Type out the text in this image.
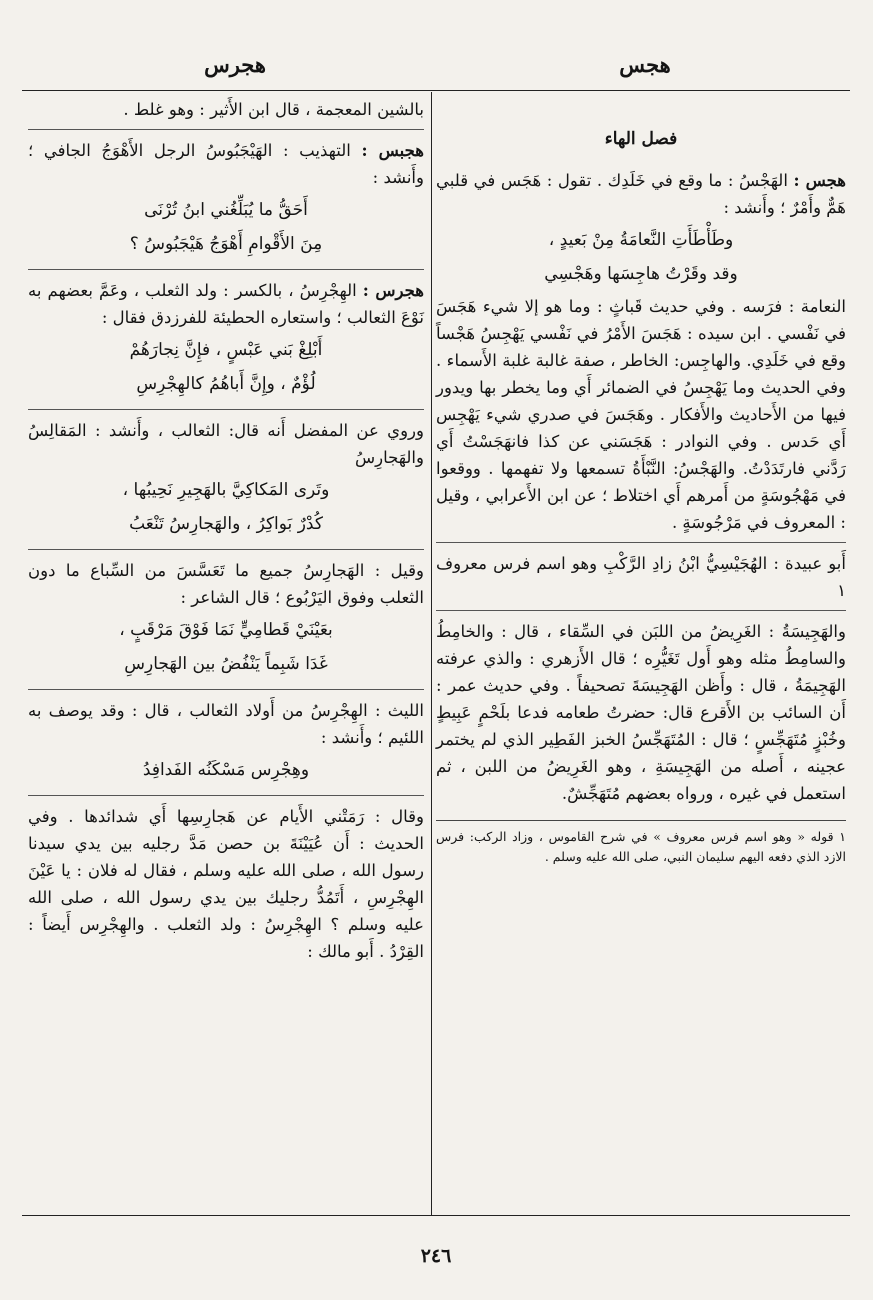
هجس
هجرس
فصل الهاء

هجس : الهَجْسُ : ما وقع في خَلَدِك . تقول : هَجَس في قلبي هَمٌّ وأَمْرٌ ؛ وأَنشد :

وطَأْطَأَتِ النَّعامَةُ مِنْ بَعيدٍ ،
وقد وقَرْتُ هاجِسَها وهَجْسِي

النعامة : فرَسه . وفي حديث قَباثٍ : وما هو إلا شيء هَجَسَ في نَفْسي . ابن سيده : هَجَسَ الأَمْرُ في نَفْسي يَهْجِسُ هَجْساً وقع في خَلَدِي. والهاجِس: الخاطر ، صفة غالبة غلبة الأَسماء . وفي الحديث وما يَهْجِسُ في الضمائر أَي وما يخطر بها ويدور فيها من الأَحاديث والأَفكار . وهَجَسَ في صدري شيء يَهْجِس أَي حَدس . وفي النوادر : هَجَسَني عن كذا فانهَجَسْتُ أَي رَدَّني فارتَدَدْتُ. والهَجْسُ: النَّبْأَةُ تسمعها ولا تفهمها . ووقعوا في مَهْجُوسَةٍ من أَمرهم أَي اختلاط ؛ عن ابن الأَعرابي ، وقيل : المعروف في مَرْجُوسَةٍ .

أَبو عبيدة : الهُجَيْسِيُّ ابْنُ زادِ الرَّكْبِ وهو اسم فرس معروف ١

والهَجِيسَةُ : الغَرِيضُ من اللبَن في السِّقاء ، قال : والخامِطُ والسامِطُ مثله وهو أَول تَغَيُّرِه ؛ قال الأَزهري : والذي عرفته الهَجِيمَةُ ، قال : وأَظن الهَجِيسَةَ تصحيفاً . وفي حديث عمر : أَن السائب بن الأَقرع قال: حضرتُ طعامه فدعا بلَحْمٍ عَبِيطٍ وخُبْزٍ مُتَهَجِّسٍ ؛ قال : المُتَهَجِّسُ الخبز الفَطِير الذي لم يختمر عجينه ، أَصله من الهَجِيسَةِ ، وهو الغَرِيضُ من اللبن ، ثم استعمل في غيره ، ورواه بعضهم مُتَهَجِّشٌ.

١ قوله « وهو اسم فرس معروف » في شرح القاموس ، وزاد الركب: فرس الازد الذي دفعه اليهم سليمان النبي، صلى الله عليه وسلم .

بالشين المعجمة ، قال ابن الأَثير : وهو غلط .

هجبس : التهذيب : الهَيْجَبُوسُ الرجل الأَهْوَجُ الجافي ؛ وأَنشد :

أَحَقُّ ما يُبَلِّغُني ابنُ تُرْنَى
مِنَ الأَقْوامِ أَهْوَجُ هَيْجَبُوسُ ؟

هجرس : الهِجْرِسُ ، بالكسر : ولد الثعلب ، وعَمَّ بعضهم به نَوْعَ الثعالب ؛ واستعاره الحطيئة للفرزدق فقال :

أَبْلِغْ بَني عَبْسٍ ، فإِنَّ نِجارَهُمْ
لُؤْمٌ ، وإِنَّ أَباهُمُ كالهِجْرِسِ

وروي عن المفضل أَنه قال: الثعالب ، وأَنشد : المَقالِسُ والهَجارِسُ

وتَرى المَكاكِيَّ بالهَجِيرِ نَحِيبُها ،
كُدْرٌ بَواكِرُ ، والهَجارِسُ تَنْعَبُ

وقيل : الهَجارِسُ جميع ما تَعَسَّسَ من السِّباع ما دون الثعلب وفوق اليَرْبُوع ؛ قال الشاعر :

بعَيْنَيْ قَطامِيٍّ نَمَا فَوْقَ مَرْقَبٍ ،
غَدَا شَبِماً يَنْفُضُ بين الهَجارِسِ

الليث : الهِجْرِسُ من أَولاد الثعالب ، قال : وقد يوصف به اللئيم ؛ وأَنشد :

وهِجْرِس مَسْكَنُه الفَدافِدُ

وقال : رَمَتْني الأَيام عن هَجارِسِها أَي شدائدها . وفي الحديث : أَن عُيَيْنَةَ بن حصن مَدَّ رجليه بين يدي سيدنا رسول الله ، صلى الله عليه وسلم ، فقال له فلان : يا عَيْنَ الهِجْرِسِ ، أَتَمُدُّ رجليك بين يدي رسول الله ، صلى الله عليه وسلم ؟ الهِجْرِسُ : ولد الثعلب . والهِجْرِس أَيضاً : القِرْدُ . أَبو مالك :

٢٤٦
